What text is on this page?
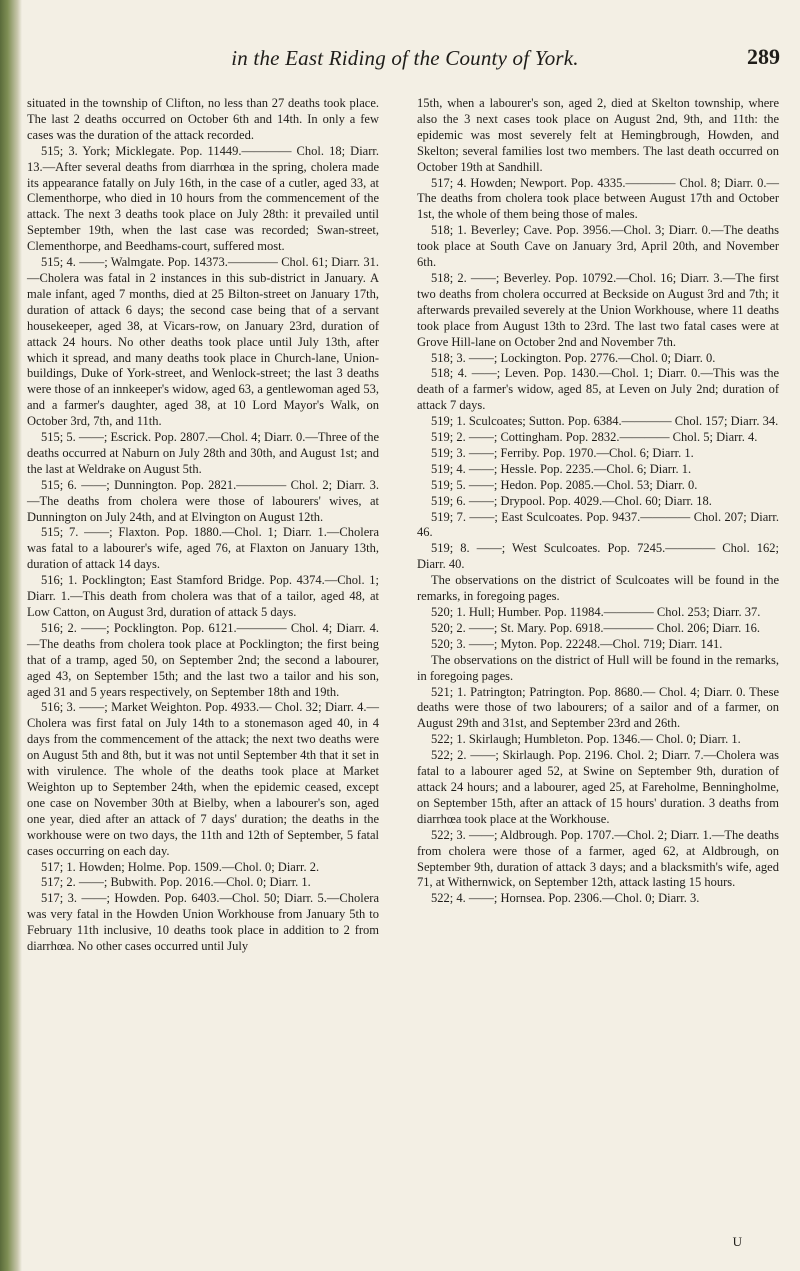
in the East Riding of the County of York.	289

situated in the township of Clifton, no less than 27 deaths took place. The last 2 deaths occurred on October 6th and 14th. In only a few cases was the duration of the attack recorded.

515; 3. York; Micklegate. Pop. 11449.———— Chol. 18; Diarr. 13.—After several deaths from diarrhœa in the spring, cholera made its appearance fatally on July 16th, in the case of a cutler, aged 33, at Clementhorpe, who died in 10 hours from the commencement of the attack. The next 3 deaths took place on July 28th: it prevailed until September 19th, when the last case was recorded; Swan-street, Clementhorpe, and Beedhams-court, suffered most.

515; 4. ——; Walmgate. Pop. 14373.———— Chol. 61; Diarr. 31.—Cholera was fatal in 2 instances in this sub-district in January. A male infant, aged 7 months, died at 25 Bilton-street on January 17th, duration of attack 6 days; the second case being that of a servant housekeeper, aged 38, at Vicars-row, on January 23rd, duration of attack 24 hours. No other deaths took place until July 13th, after which it spread, and many deaths took place in Church-lane, Union-buildings, Duke of York-street, and Wenlock-street; the last 3 deaths were those of an innkeeper's widow, aged 63, a gentlewoman aged 53, and a farmer's daughter, aged 38, at 10 Lord Mayor's Walk, on October 3rd, 7th, and 11th.

515; 5. ——; Escrick. Pop. 2807.—Chol. 4; Diarr. 0.—Three of the deaths occurred at Naburn on July 28th and 30th, and August 1st; and the last at Weldrake on August 5th.

515; 6. ——; Dunnington. Pop. 2821.———— Chol. 2; Diarr. 3.—The deaths from cholera were those of labourers' wives, at Dunnington on July 24th, and at Elvington on August 12th.

515; 7. ——; Flaxton. Pop. 1880.—Chol. 1; Diarr. 1.—Cholera was fatal to a labourer's wife, aged 76, at Flaxton on January 13th, duration of attack 14 days.

516; 1. Pocklington; East Stamford Bridge. Pop. 4374.—Chol. 1; Diarr. 1.—This death from cholera was that of a tailor, aged 48, at Low Catton, on August 3rd, duration of attack 5 days.

516; 2. ——; Pocklington. Pop. 6121.———— Chol. 4; Diarr. 4.—The deaths from cholera took place at Pocklington; the first being that of a tramp, aged 50, on September 2nd; the second a labourer, aged 43, on September 15th; and the last two a tailor and his son, aged 31 and 5 years respectively, on September 18th and 19th.

516; 3. ——; Market Weighton. Pop. 4933.— Chol. 32; Diarr. 4.—Cholera was first fatal on July 14th to a stonemason aged 40, in 4 days from the commencement of the attack; the next two deaths were on August 5th and 8th, but it was not until September 4th that it set in with virulence. The whole of the deaths took place at Market Weighton up to September 24th, when the epidemic ceased, except one case on November 30th at Bielby, when a labourer's son, aged one year, died after an attack of 7 days' duration; the deaths in the workhouse were on two days, the 11th and 12th of September, 5 fatal cases occurring on each day.

517; 1. Howden; Holme. Pop. 1509.—Chol. 0; Diarr. 2.

517; 2. ——; Bubwith. Pop. 2016.—Chol. 0; Diarr. 1.

517; 3. ——; Howden. Pop. 6403.—Chol. 50; Diarr. 5.—Cholera was very fatal in the Howden Union Workhouse from January 5th to February 11th inclusive, 10 deaths took place in addition to 2 from diarrhœa. No other cases occurred until July

15th, when a labourer's son, aged 2, died at Skelton township, where also the 3 next cases took place on August 2nd, 9th, and 11th: the epidemic was most severely felt at Hemingbrough, Howden, and Skelton; several families lost two members. The last death occurred on October 19th at Sandhill.

517; 4. Howden; Newport. Pop. 4335.———— Chol. 8; Diarr. 0.—The deaths from cholera took place between August 17th and October 1st, the whole of them being those of males.

518; 1. Beverley; Cave. Pop. 3956.—Chol. 3; Diarr. 0.—The deaths took place at South Cave on January 3rd, April 20th, and November 6th.

518; 2. ——; Beverley. Pop. 10792.—Chol. 16; Diarr. 3.—The first two deaths from cholera occurred at Beckside on August 3rd and 7th; it afterwards prevailed severely at the Union Workhouse, where 11 deaths took place from August 13th to 23rd. The last two fatal cases were at Grove Hill-lane on October 2nd and November 7th.

518; 3. ——; Lockington. Pop. 2776.—Chol. 0; Diarr. 0.

518; 4. ——; Leven. Pop. 1430.—Chol. 1; Diarr. 0.—This was the death of a farmer's widow, aged 85, at Leven on July 2nd; duration of attack 7 days.

519; 1. Sculcoates; Sutton. Pop. 6384.———— Chol. 157; Diarr. 34.

519; 2. ——; Cottingham. Pop. 2832.———— Chol. 5; Diarr. 4.

519; 3. ——; Ferriby. Pop. 1970.—Chol. 6; Diarr. 1.

519; 4. ——; Hessle. Pop. 2235.—Chol. 6; Diarr. 1.

519; 5. ——; Hedon. Pop. 2085.—Chol. 53; Diarr. 0.

519; 6. ——; Drypool. Pop. 4029.—Chol. 60; Diarr. 18.

519; 7. ——; East Sculcoates. Pop. 9437.———— Chol. 207; Diarr. 46.

519; 8. ——; West Sculcoates. Pop. 7245.———— Chol. 162; Diarr. 40.

The observations on the district of Sculcoates will be found in the remarks, in foregoing pages.

520; 1. Hull; Humber. Pop. 11984.———— Chol. 253; Diarr. 37.

520; 2. ——; St. Mary. Pop. 6918.———— Chol. 206; Diarr. 16.

520; 3. ——; Myton. Pop. 22248.—Chol. 719; Diarr. 141.

The observations on the district of Hull will be found in the remarks, in foregoing pages.

521; 1. Patrington; Patrington. Pop. 8680.— Chol. 4; Diarr. 0. These deaths were those of two labourers; of a sailor and of a farmer, on August 29th and 31st, and September 23rd and 26th.

522; 1. Skirlaugh; Humbleton. Pop. 1346.— Chol. 0; Diarr. 1.

522; 2. ——; Skirlaugh. Pop. 2196. Chol. 2; Diarr. 7.—Cholera was fatal to a labourer aged 52, at Swine on September 9th, duration of attack 24 hours; and a labourer, aged 25, at Fareholme, Benningholme, on September 15th, after an attack of 15 hours' duration. 3 deaths from diarrhœa took place at the Workhouse.

522; 3. ——; Aldbrough. Pop. 1707.—Chol. 2; Diarr. 1.—The deaths from cholera were those of a farmer, aged 62, at Aldbrough, on September 9th, duration of attack 3 days; and a blacksmith's wife, aged 71, at Withernwick, on September 12th, attack lasting 15 hours.

522; 4. ——; Hornsea. Pop. 2306.—Chol. 0; Diarr. 3.

U
